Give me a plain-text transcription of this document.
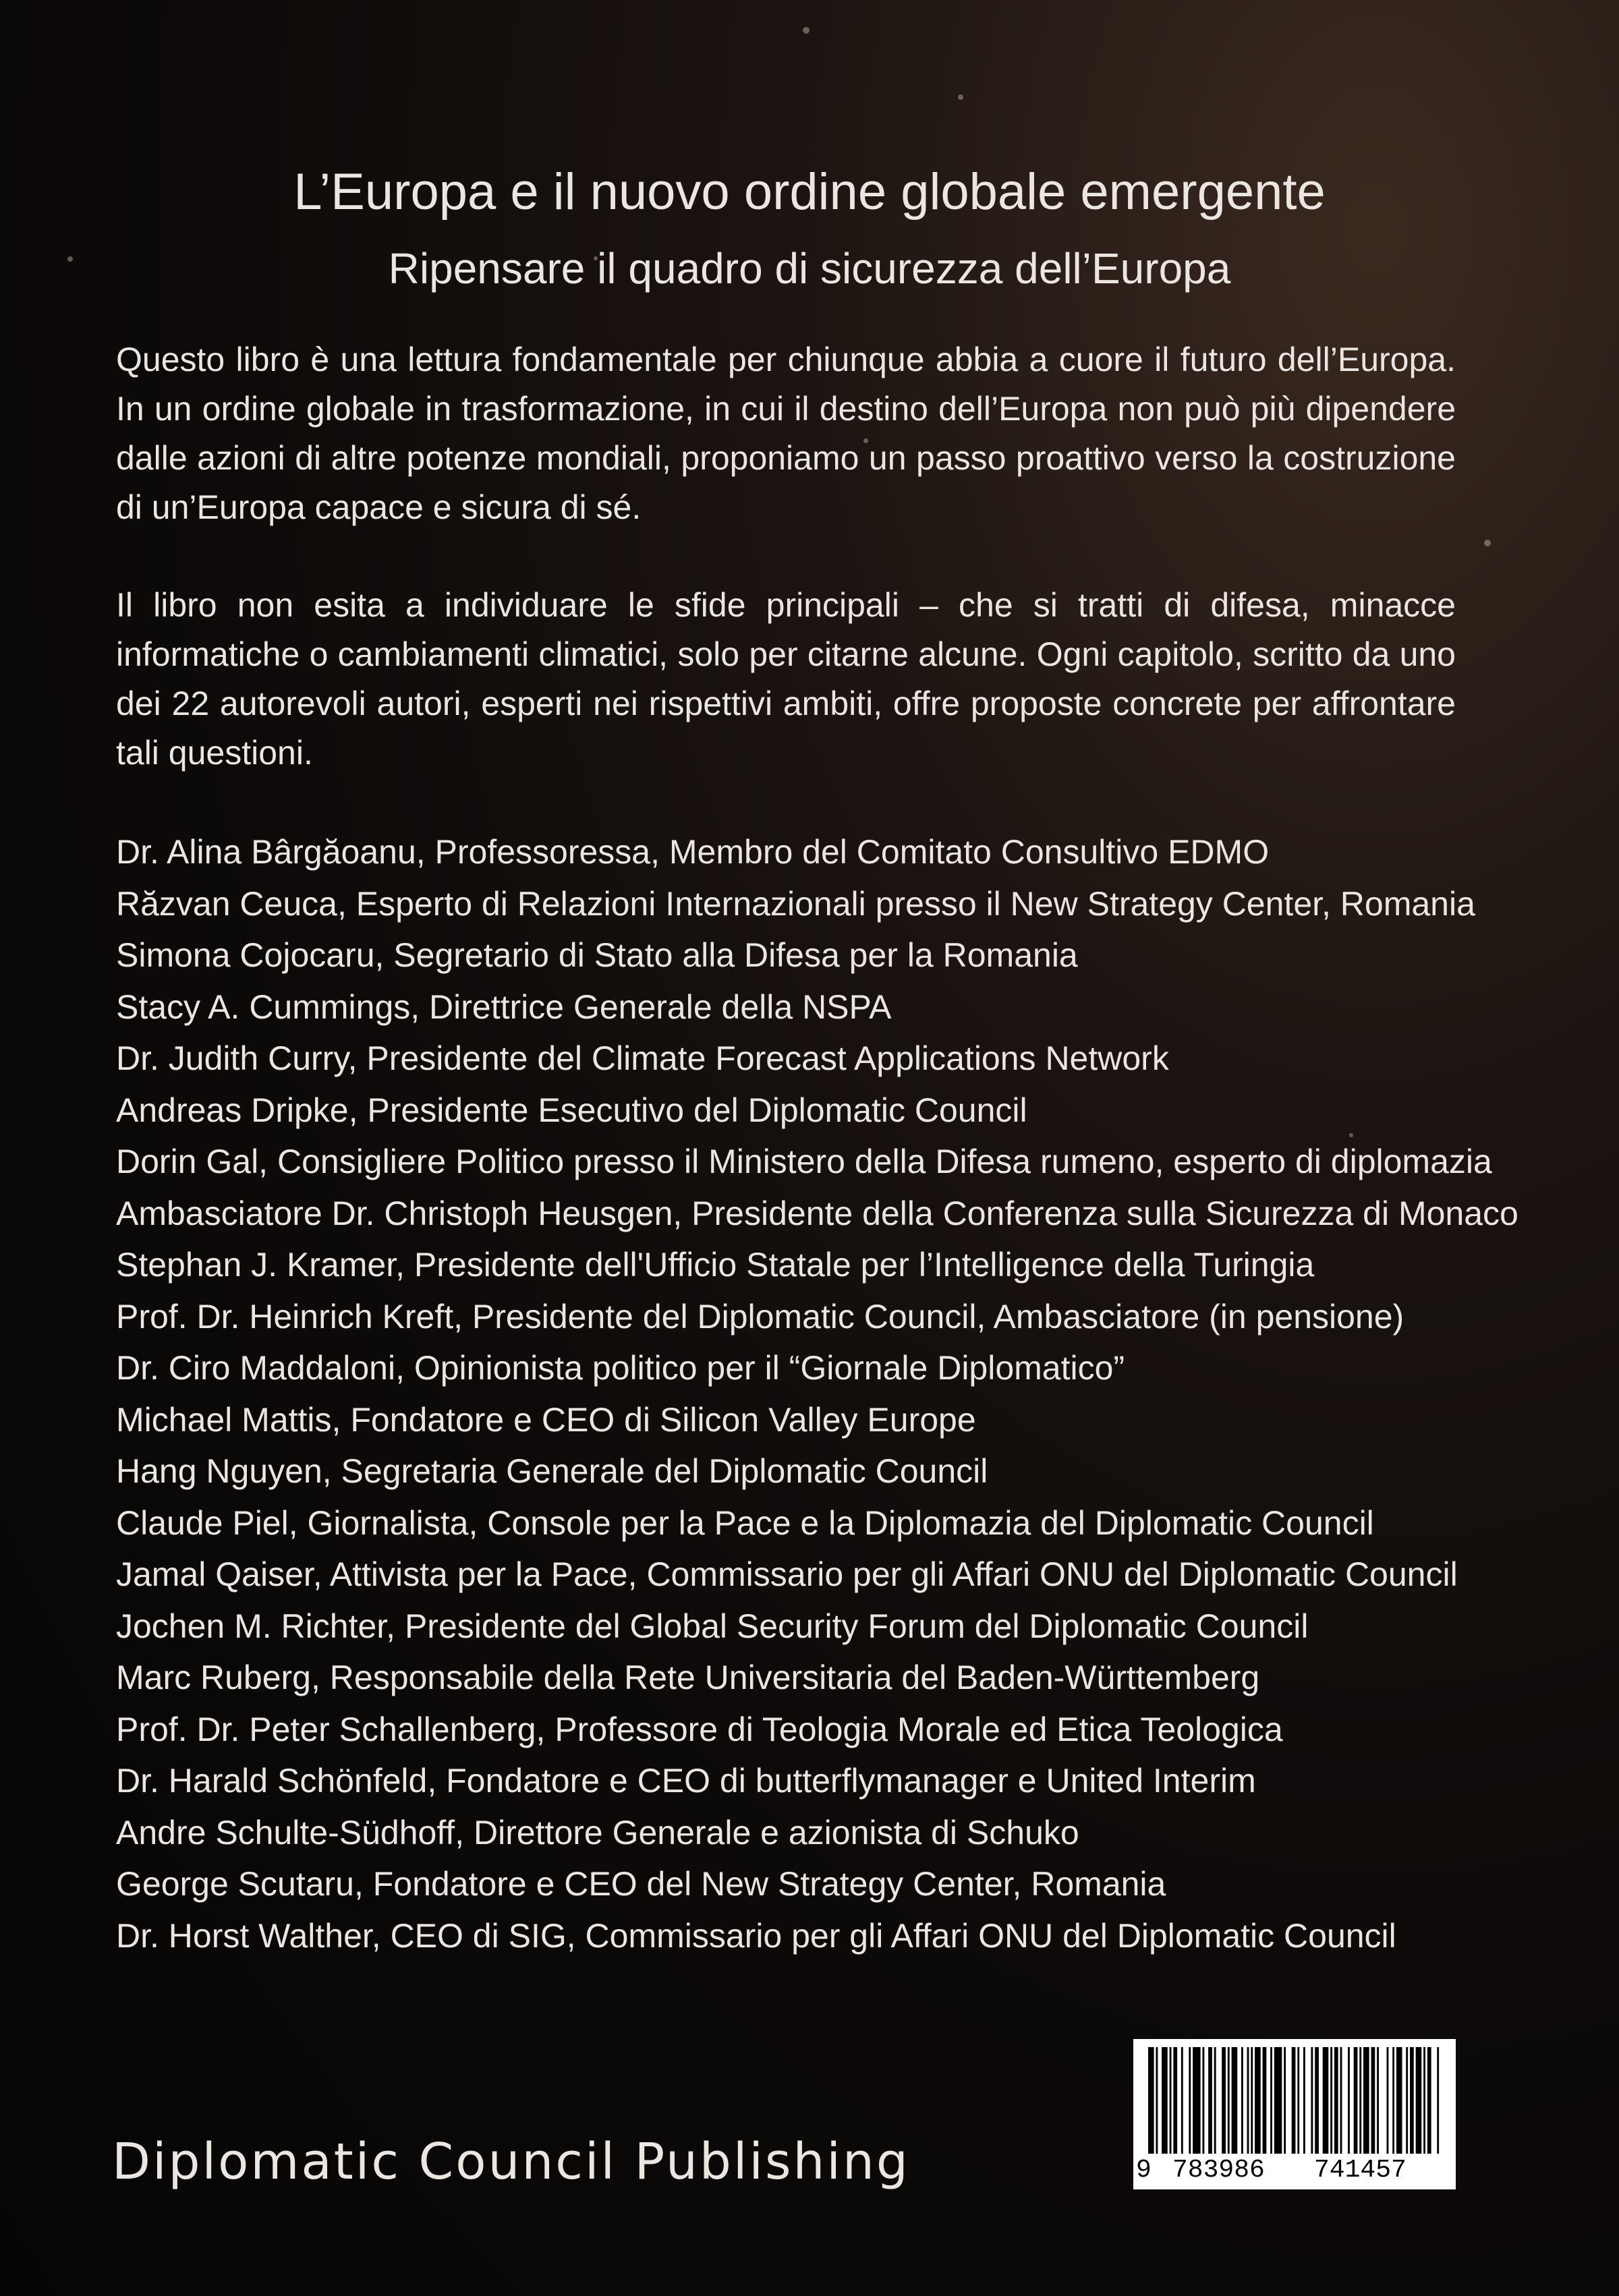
L’Europa e il nuovo ordine globale emergente
Ripensare il quadro di sicurezza dell’Europa

Questo libro è una lettura fondamentale per chiunque abbia a cuore il futuro dell’Europa. In un ordine globale in trasformazione, in cui il destino dell’Europa non può più dipendere dalle azioni di altre potenze mondiali, proponiamo un passo proattivo verso la costruzione di un’Europa capace e sicura di sé.

Il libro non esita a individuare le sfide principali – che si tratti di difesa, minacce informatiche o cambiamenti climatici, solo per citarne alcune. Ogni capitolo, scritto da uno dei 22 autorevoli autori, esperti nei rispettivi ambiti, offre proposte concrete per affrontare tali questioni.

Dr. Alina Bârgăoanu, Professoressa, Membro del Comitato Consultivo EDMO
Răzvan Ceuca, Esperto di Relazioni Internazionali presso il New Strategy Center, Romania
Simona Cojocaru, Segretario di Stato alla Difesa per la Romania
Stacy A. Cummings, Direttrice Generale della NSPA
Dr. Judith Curry, Presidente del Climate Forecast Applications Network
Andreas Dripke, Presidente Esecutivo del Diplomatic Council
Dorin Gal, Consigliere Politico presso il Ministero della Difesa rumeno, esperto di diplomazia
Ambasciatore Dr. Christoph Heusgen, Presidente della Conferenza sulla Sicurezza di Monaco
Stephan J. Kramer, Presidente dell'Ufficio Statale per l’Intelligence della Turingia
Prof. Dr. Heinrich Kreft, Presidente del Diplomatic Council, Ambasciatore (in pensione)
Dr. Ciro Maddaloni, Opinionista politico per il “Giornale Diplomatico”
Michael Mattis, Fondatore e CEO di Silicon Valley Europe
Hang Nguyen, Segretaria Generale del Diplomatic Council
Claude Piel, Giornalista, Console per la Pace e la Diplomazia del Diplomatic Council
Jamal Qaiser, Attivista per la Pace, Commissario per gli Affari ONU del Diplomatic Council
Jochen M. Richter, Presidente del Global Security Forum del Diplomatic Council
Marc Ruberg, Responsabile della Rete Universitaria del Baden-Württemberg
Prof. Dr. Peter Schallenberg, Professore di Teologia Morale ed Etica Teologica
Dr. Harald Schönfeld, Fondatore e CEO di butterflymanager e United Interim
Andre Schulte-Südhoff, Direttore Generale e azionista di Schuko
George Scutaru, Fondatore e CEO del New Strategy Center, Romania
Dr. Horst Walther, CEO di SIG, Commissario per gli Affari ONU del Diplomatic Council
Diplomatic Council Publishing	9 783986 741457
